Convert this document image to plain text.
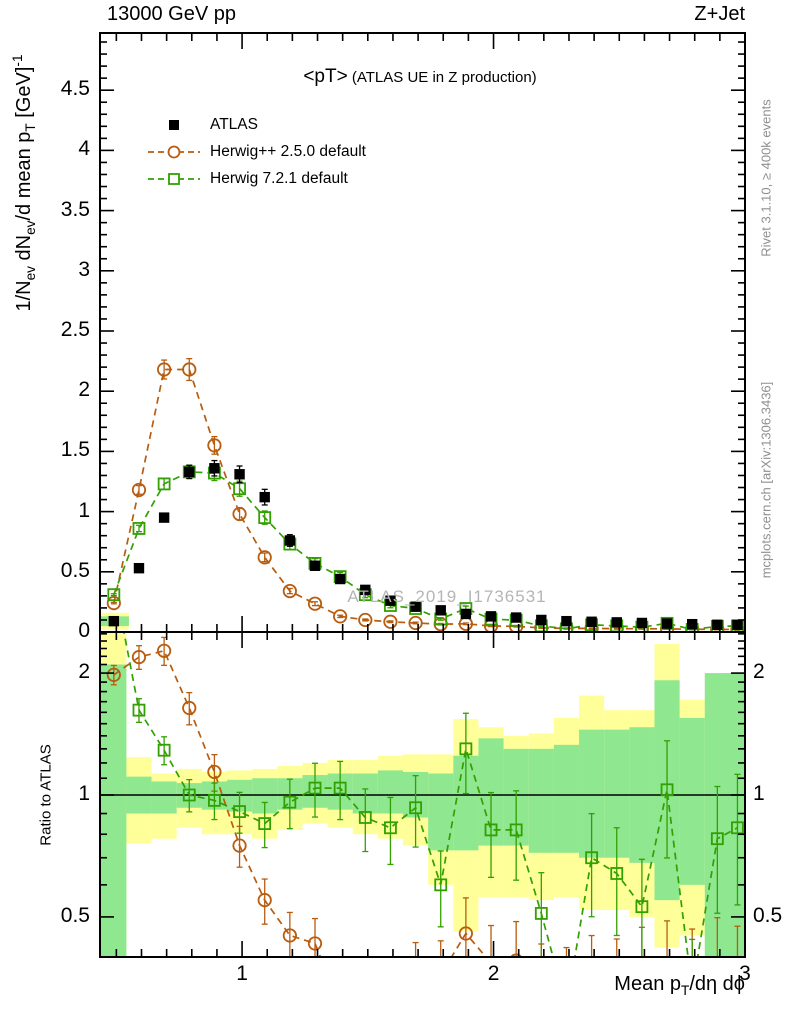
13000 GeV pp	Z+Jet
<pT> (ATLAS UE in Z production)
ATLAS
Herwig++ 2.5.0 default
Herwig 7.2.1 default
$1/N_{ev}$ $dN_{ev}/d$ mean $p_T$ [GeV]$^{-1}$
Ratio to ATLAS
Rivet 3.1.10, ≥ 400k events
mcplots.cern.ch [arXiv:1306.3436]
ATLAS_2019_I1736531
Mean $p_T/d\eta$ dϕ
0
0.5
1
1.5
2
2.5
3
3.5
4
4.5
0.5	0.5
1	1
2	2
1	2	3
